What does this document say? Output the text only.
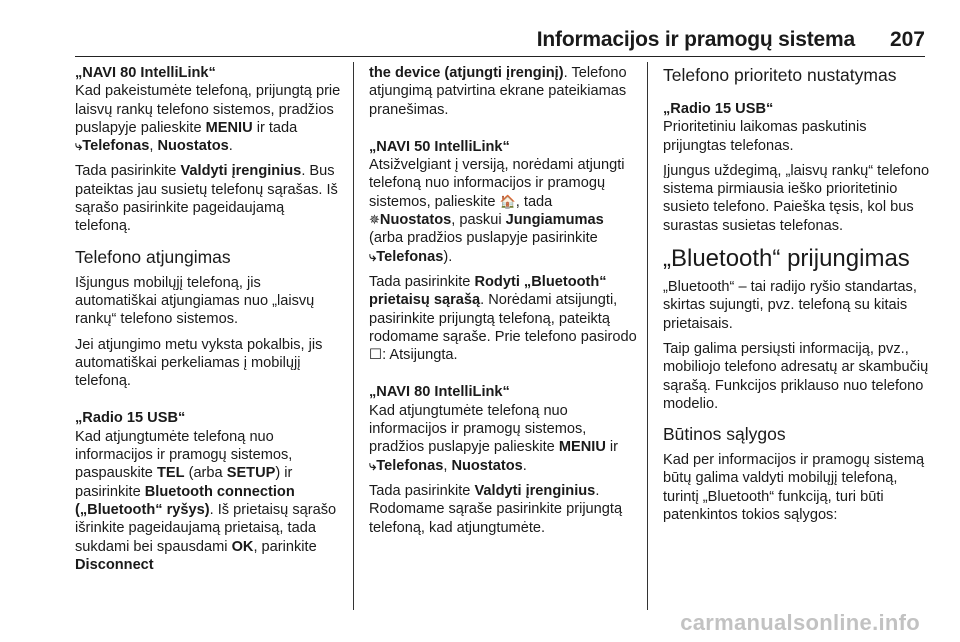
Informacijos ir pramogų sistema 207
„NAVI 80 IntelliLink“

Kad pakeistumėte telefoną, prijungtą prie laisvų rankų telefono sistemos, pradžios puslapyje palieskite MENIU ir tada ⤷Telefonas, Nuostatos.

Tada pasirinkite Valdyti įrenginius. Bus pateiktas jau susietų telefonų sąrašas. Iš sąrašo pasirinkite pageidaujamą telefoną.

Telefono atjungimas

Išjungus mobilųjį telefoną, jis automatiškai atjungiamas nuo „laisvų rankų“ telefono sistemos.

Jei atjungimo metu vyksta pokalbis, jis automatiškai perkeliamas į mobilųjį telefoną.

„Radio 15 USB“

Kad atjungtumėte telefoną nuo informacijos ir pramogų sistemos, paspauskite TEL (arba SETUP) ir pasirinkite Bluetooth connection („Bluetooth“ ryšys). Iš prietaisų sąrašo išrinkite pageidaujamą prietaisą, tada sukdami bei spausdami OK, parinkite Disconnect

the device (atjungti įrenginį). Telefono atjungimą patvirtina ekrane pateikiamas pranešimas.

„NAVI 50 IntelliLink“

Atsižvelgiant į versiją, norėdami atjungti telefoną nuo informacijos ir pramogų sistemos, palieskite 🏠, tada ✵Nuostatos, paskui Jungiamumas (arba pradžios puslapyje pasirinkite ⤷Telefonas).

Tada pasirinkite Rodyti „Bluetooth“ prietaisų sąrašą. Norėdami atsijungti, pasirinkite prijungtą telefoną, pateiktą rodomame sąraše. Prie telefono pasirodo ☐: Atsijungta.

„NAVI 80 IntelliLink“

Kad atjungtumėte telefoną nuo informacijos ir pramogų sistemos, pradžios puslapyje palieskite MENIU ir ⤷Telefonas, Nuostatos.

Tada pasirinkite Valdyti įrenginius. Rodomame sąraše pasirinkite prijungtą telefoną, kad atjungtumėte.

Telefono prioriteto nustatymas
„Radio 15 USB“

Prioritetiniu laikomas paskutinis prijungtas telefonas.

Įjungus uždegimą, „laisvų rankų“ telefono sistema pirmiausia ieško prioritetinio susieto telefono. Paieška tęsis, kol bus surastas susietas telefonas.

„Bluetooth“ prijungimas

„Bluetooth“ – tai radijo ryšio standartas, skirtas sujungti, pvz. telefoną su kitais prietaisais.

Taip galima persiųsti informaciją, pvz., mobiliojo telefono adresatų ar skambučių sąrašą. Funkcijos priklauso nuo telefono modelio.

Būtinos sąlygos

Kad per informacijos ir pramogų sistemą būtų galima valdyti mobilųjį telefoną, turintį „Bluetooth“ funkciją, turi būti patenkintos tokios sąlygos:

carmanualsonline.info
